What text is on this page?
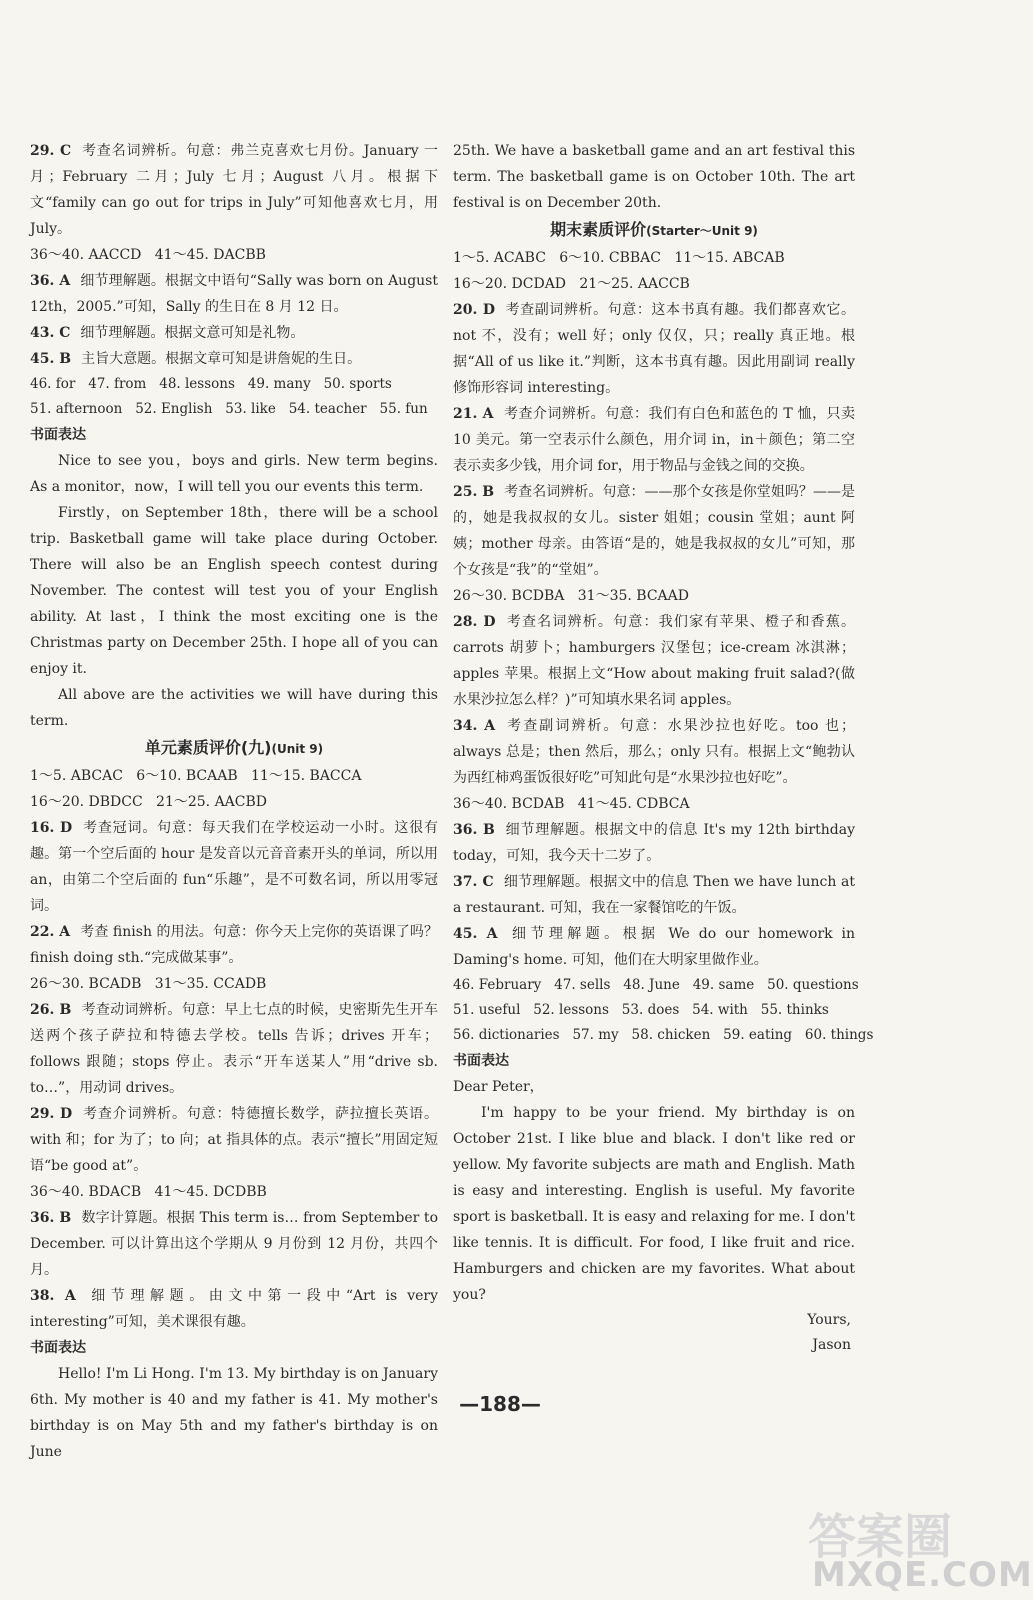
29. C 考查名词辨析。句意：弗兰克喜欢七月份。January 一月；February 二月；July 七月；August 八月。根据下文“family can go out for trips in July”可知他喜欢七月，用 July。

36～40. AACCD   41～45. DACBB

36. A 细节理解题。根据文中语句“Sally was born on August 12th，2005.”可知，Sally 的生日在 8 月 12 日。

43. C 细节理解题。根据文意可知是礼物。

45. B 主旨大意题。根据文章可知是讲詹妮的生日。

46. for   47. from   48. lessons   49. many   50. sports

51. afternoon   52. English   53. like   54. teacher   55. fun

书面表达

Nice to see you，boys and girls. New term begins. As a monitor，now，I will tell you our events this term.

Firstly，on September 18th，there will be a school trip. Basketball game will take place during October. There will also be an English speech contest during November. The contest will test you of your English ability. At last，I think the most exciting one is the Christmas party on December 25th. I hope all of you can enjoy it.

All above are the activities we will have during this term.

单元素质评价(九)(Unit 9)

1～5. ABCAC   6～10. BCAAB   11～15. BACCA

16～20. DBDCC   21～25. AACBD

16. D 考查冠词。句意：每天我们在学校运动一小时。这很有趣。第一个空后面的 hour 是发音以元音音素开头的单词，所以用 an，由第二个空后面的 fun“乐趣”，是不可数名词，所以用零冠词。

22. A 考查 finish 的用法。句意：你今天上完你的英语课了吗？finish doing sth.“完成做某事”。

26～30. BCADB   31～35. CCADB

26. B 考查动词辨析。句意：早上七点的时候，史密斯先生开车送两个孩子萨拉和特德去学校。tells 告诉；drives 开车；follows 跟随；stops 停止。表示“开车送某人”用“drive sb. to…”，用动词 drives。

29. D 考查介词辨析。句意：特德擅长数学，萨拉擅长英语。with 和；for 为了；to 向；at 指具体的点。表示“擅长”用固定短语“be good at”。

36～40. BDACB   41～45. DCDBB

36. B 数字计算题。根据 This term is… from September to December. 可以计算出这个学期从 9 月份到 12 月份，共四个月。

38. A 细节理解题。由文中第一段中“Art is very interesting”可知，美术课很有趣。

书面表达

Hello! I'm Li Hong. I'm 13. My birthday is on January 6th. My mother is 40 and my father is 41. My mother's birthday is on May 5th and my father's birthday is on June

25th. We have a basketball game and an art festival this term. The basketball game is on October 10th. The art festival is on December 20th.

期末素质评价(Starter～Unit 9)

1～5. ACABC   6～10. CBBAC   11～15. ABCAB

16～20. DCDAD   21～25. AACCB

20. D 考查副词辨析。句意：这本书真有趣。我们都喜欢它。not 不，没有；well 好；only 仅仅，只；really 真正地。根据“All of us like it.”判断，这本书真有趣。因此用副词 really 修饰形容词 interesting。

21. A 考查介词辨析。句意：我们有白色和蓝色的 T 恤，只卖 10 美元。第一空表示什么颜色，用介词 in，in＋颜色；第二空表示卖多少钱，用介词 for，用于物品与金钱之间的交换。

25. B 考查名词辨析。句意：——那个女孩是你堂姐吗？——是的，她是我叔叔的女儿。sister 姐姐；cousin 堂姐；aunt 阿姨；mother 母亲。由答语“是的，她是我叔叔的女儿”可知，那个女孩是“我”的“堂姐”。

26～30. BCDBA   31～35. BCAAD

28. D 考查名词辨析。句意：我们家有苹果、橙子和香蕉。carrots 胡萝卜；hamburgers 汉堡包；ice-cream 冰淇淋；apples 苹果。根据上文“How about making fruit salad?(做水果沙拉怎么样？)”可知填水果名词 apples。

34. A 考查副词辨析。句意：水果沙拉也好吃。too 也；always 总是；then 然后，那么；only 只有。根据上文“鲍勃认为西红柿鸡蛋饭很好吃”可知此句是“水果沙拉也好吃”。

36～40. BCDAB   41～45. CDBCA

36. B 细节理解题。根据文中的信息 It's my 12th birthday today，可知，我今天十二岁了。

37. C 细节理解题。根据文中的信息 Then we have lunch at a restaurant. 可知，我在一家餐馆吃的午饭。

45. A 细节理解题。根据 We do our homework in Daming's home. 可知，他们在大明家里做作业。

46. February   47. sells   48. June   49. same   50. questions

51. useful   52. lessons   53. does   54. with   55. thinks

56. dictionaries   57. my   58. chicken   59. eating   60. things

书面表达

Dear Peter，

I'm happy to be your friend. My birthday is on October 21st. I like blue and black. I don't like red or yellow. My favorite subjects are math and English. Math is easy and interesting. English is useful. My favorite sport is basketball. It is easy and relaxing for me. I don't like tennis. It is difficult. For food, I like fruit and rice. Hamburgers and chicken are my favorites. What about you?

Yours,

Jason

—188—
答案圈
MXQE.COM
